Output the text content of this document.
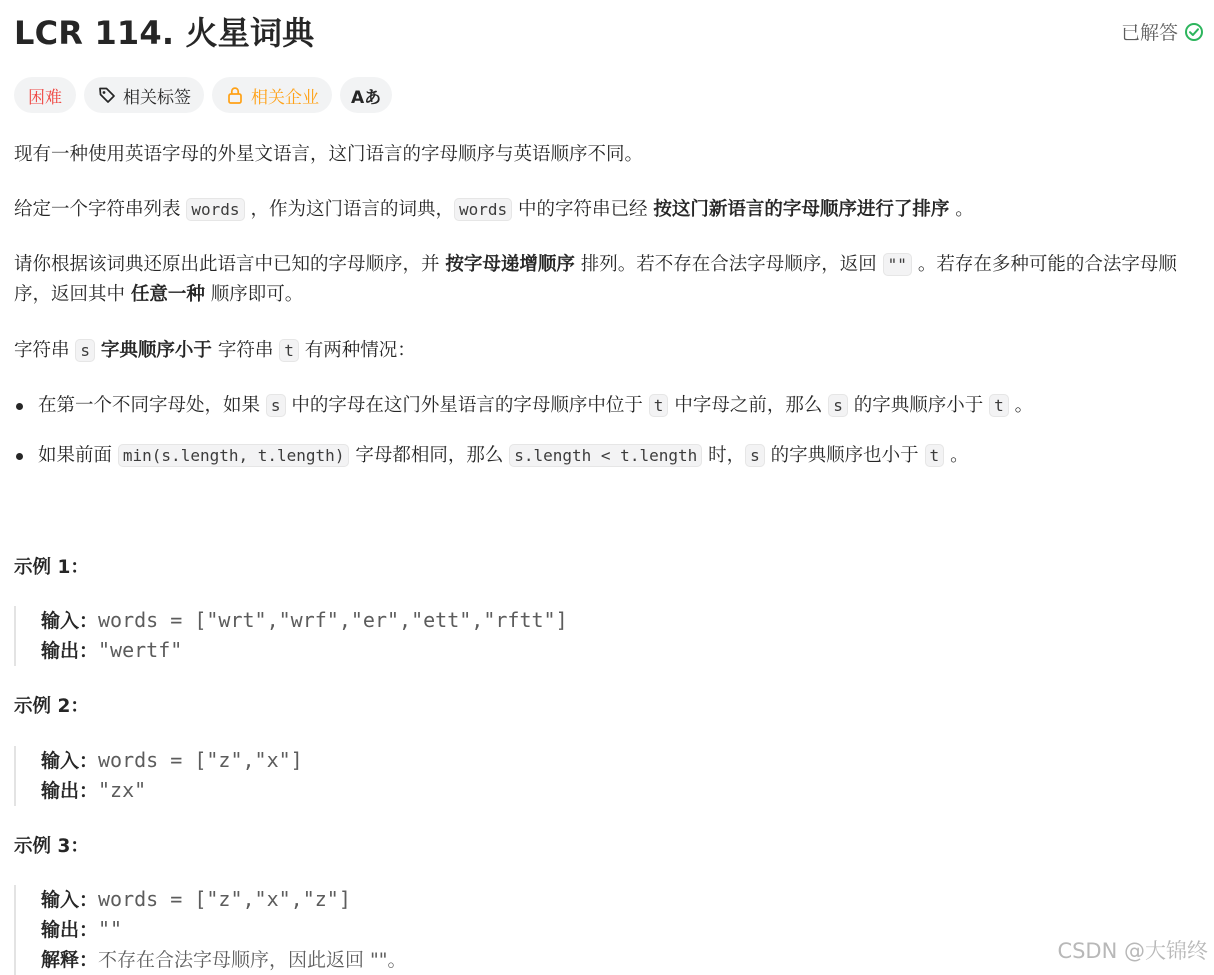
LCR 114. 火星词典	已解答
困难	相关标签	相关企业 Aあ

现有一种使用英语字母的外星文语言，这门语言的字母顺序与英语顺序不同。

给定一个字符串列表 words ，作为这门语言的词典， words 中的字符串已经 按这门新语言的字母顺序进行了排序 。

请你根据该词典还原出此语言中已知的字母顺序，并 按字母递增顺序 排列。若不存在合法字母顺序，返回 "" 。若存在多种可能的合法字母顺序，返回其中 任意一种 顺序即可。

字符串 s 字典顺序小于 字符串 t 有两种情况：

在第一个不同字母处，如果 s 中的字母在这门外星语言的字母顺序中位于 t 中字母之前，那么 s 的字典顺序小于 t 。
如果前面 min(s.length, t.length) 字母都相同，那么 s.length < t.length 时， s 的字典顺序也小于 t 。
示例 1：
输入：words = ["wrt","wrf","er","ett","rftt"]
输出："wertf"
示例 2：
输入：words = ["z","x"]
输出："zx"
示例 3：
输入：words = ["z","x","z"]
输出：""
解释：不存在合法字母顺序，因此返回 ""。	CSDN @大锦终
